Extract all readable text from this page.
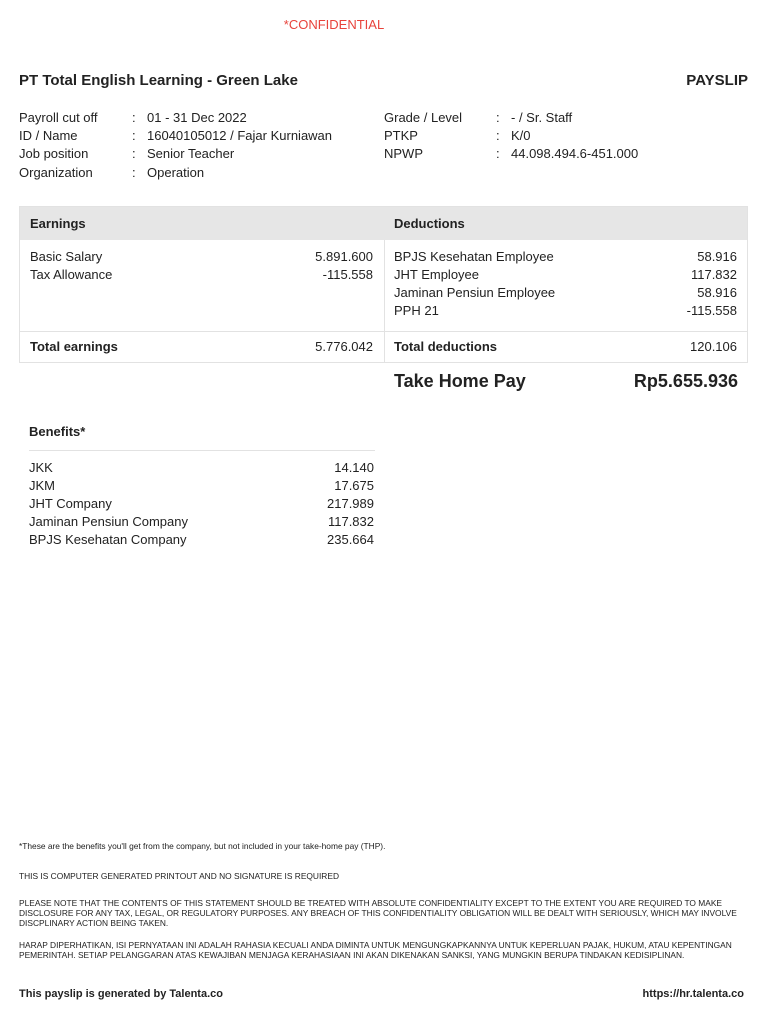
*CONFIDENTIAL
PT Total English Learning - Green Lake	PAYSLIP
Payroll cut off	: 01 - 31 Dec 2022
ID / Name	: 16040105012 / Fajar Kurniawan
Job position	: Senior Teacher
Organization	: Operation
Grade / Level	: - / Sr. Staff
PTKP	: K/0
NPWP	: 44.098.494.6-451.000
Earnings	Deductions
Basic Salary	5.891.600
Tax Allowance	-115.558
BPJS Kesehatan Employee	58.916
JHT Employee	117.832
Jaminan Pensiun Employee	58.916
PPH 21	-115.558
Total earnings	5.776.042 Total deductions	120.106
Take Home Pay	Rp5.655.936
Benefits*
JKK	14.140
JKM	17.675
JHT Company	217.989
Jaminan Pensiun Company	117.832
BPJS Kesehatan Company	235.664
*These are the benefits you'll get from the company, but not included in your take-home pay (THP).
THIS IS COMPUTER GENERATED PRINTOUT AND NO SIGNATURE IS REQUIRED
PLEASE NOTE THAT THE CONTENTS OF THIS STATEMENT SHOULD BE TREATED WITH ABSOLUTE CONFIDENTIALITY EXCEPT TO THE EXTENT YOU ARE REQUIRED TO MAKE DISCLOSURE FOR ANY TAX, LEGAL, OR REGULATORY PURPOSES. ANY BREACH OF THIS CONFIDENTIALITY OBLIGATION WILL BE DEALT WITH SERIOUSLY, WHICH MAY INVOLVE DISCPLINARY ACTION BEING TAKEN.
HARAP DIPERHATIKAN, ISI PERNYATAAN INI ADALAH RAHASIA KECUALI ANDA DIMINTA UNTUK MENGUNGKAPKANNYA UNTUK KEPERLUAN PAJAK, HUKUM, ATAU KEPENTINGAN PEMERINTAH. SETIAP PELANGGARAN ATAS KEWAJIBAN MENJAGA KERAHASIAAN INI AKAN DIKENAKAN SANKSI, YANG MUNGKIN BERUPA TINDAKAN KEDISIPLINAN.
This payslip is generated by Talenta.co	https://hr.talenta.co
